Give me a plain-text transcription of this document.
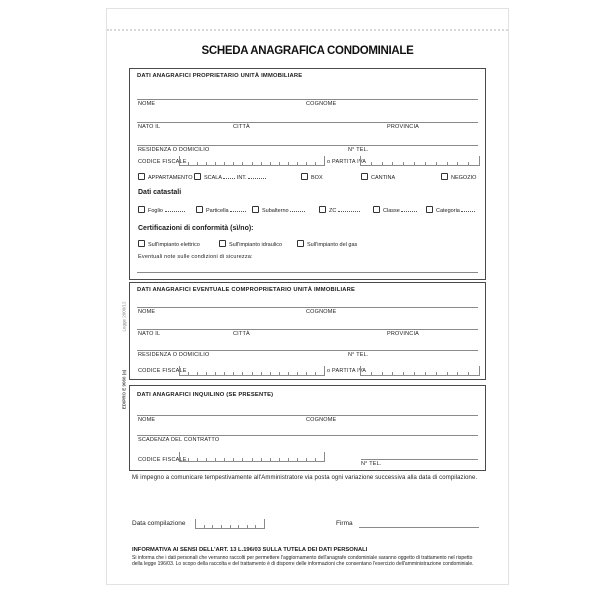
SCHEDA ANAGRAFICA CONDOMINIALE
Legge 2000/12
EDIPRO E 9066 (a)
DATI ANAGRAFICI PROPRIETARIO UNITÀ IMMOBILIARE
NOME	COGNOME
NATO IL	CITTÀ	PROVINCIA
RESIDENZA O DOMICILIO	N° TEL.
CODICE FISCALE	o PARTITA IVA
APPARTAMENTO	SCALA	INT.	BOX	CANTINA	NEGOZIO
Dati catastali
Foglio	Particella	Subalterno	ZC	Classe	Categoria
Certificazioni di conformità (sì/no):
Sull'impianto elettrico	Sull'impianto idraulico	Sull'impianto del gas
Eventuali note sulle condizioni di sicurezza:
DATI ANAGRAFICI EVENTUALE COMPROPRIETARIO UNITÀ IMMOBILIARE
NOME	COGNOME
NATO IL	CITTÀ	PROVINCIA
RESIDENZA O DOMICILIO	N° TEL.
CODICE FISCALE	o PARTITA IVA
DATI ANAGRAFICI INQUILINO (SE PRESENTE)
NOME	COGNOME
SCADENZA DEL CONTRATTO
CODICE FISCALE
N° TEL.
Mi impegno a comunicare tempestivamente all'Amministratore via posta ogni variazione successiva alla data di compilazione.
Data compilazione	Firma
INFORMATIVA AI SENSI DELL'ART. 13 L.196/03 SULLA TUTELA DEI DATI PERSONALI
Si informa che i dati personali che verranno raccolti per permettere l'aggiornamento dell'anagrafe condominiale saranno oggetto di trattamento nel rispetto della legge 196/03. Lo scopo della raccolta e del trattamento è di disporre delle informazioni che consentano l'esercizio dell'amministrazione condominiale.
